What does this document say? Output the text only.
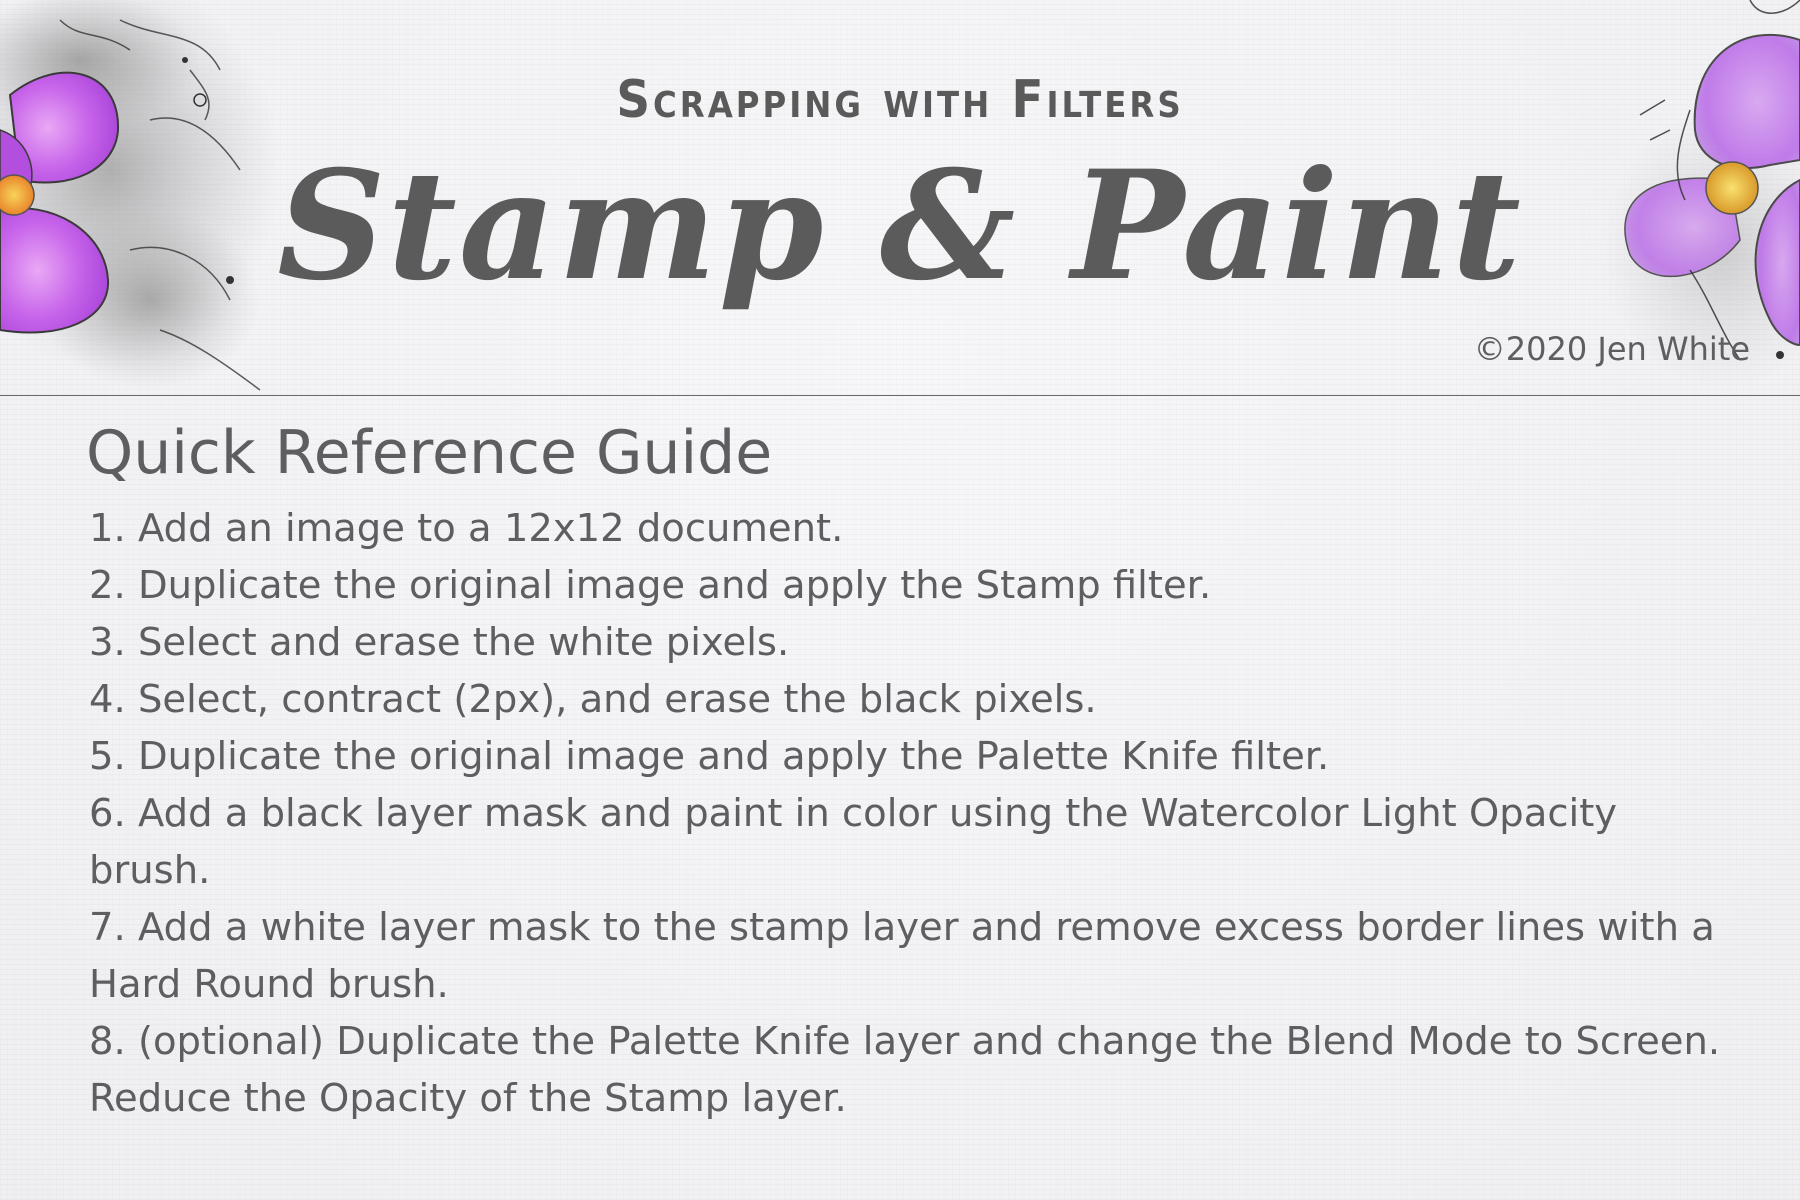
Scrapping with Filters
Stamp & Paint
©2020 Jen White
Quick Reference Guide
1. Add an image to a 12x12 document.
2. Duplicate the original image and apply the Stamp filter.
3. Select and erase the white pixels.
4. Select, contract (2px), and erase the black pixels.
5. Duplicate the original image and apply the Palette Knife filter.
6. Add a black layer mask and paint in color using the Watercolor Light Opacity brush.
7. Add a white layer mask to the stamp layer and remove excess border lines with a Hard Round brush.
8. (optional) Duplicate the Palette Knife layer and change the Blend Mode to Screen. Reduce the Opacity of the Stamp layer.
